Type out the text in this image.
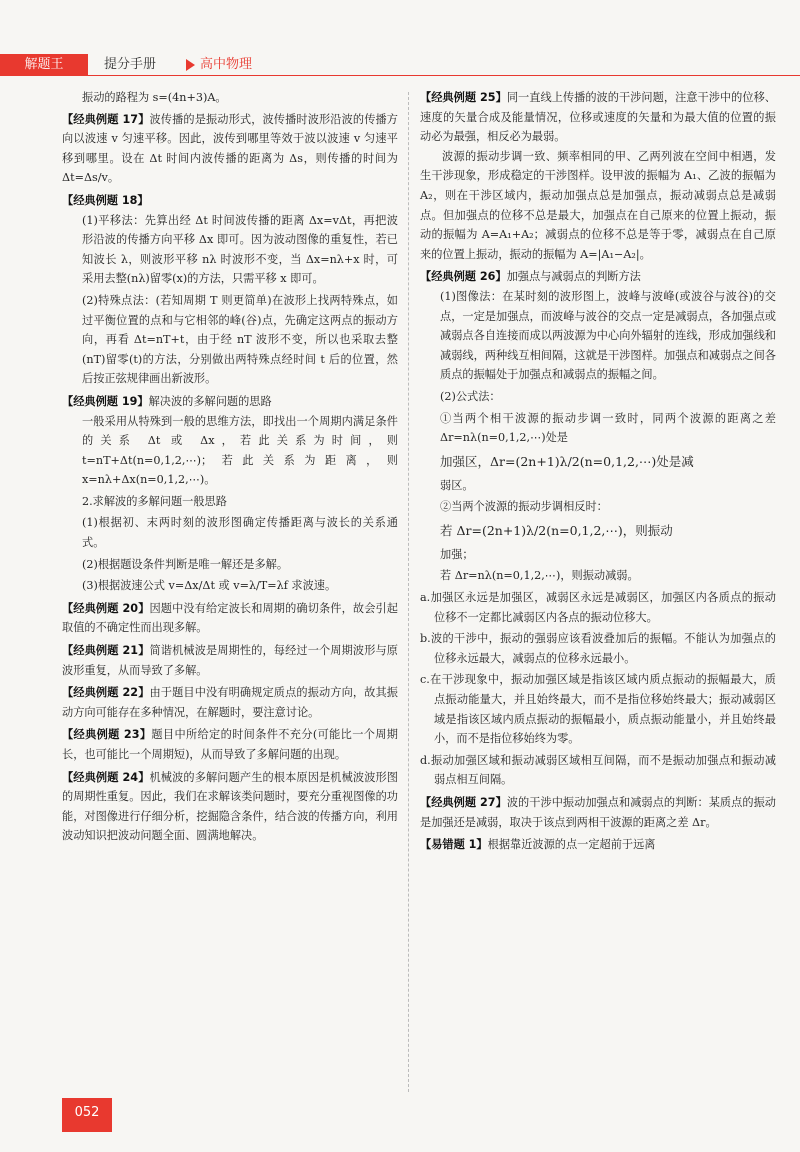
解题王	提分手册	高中物理
振动的路程为 s=(4n+3)A。
【经典例题 17】波传播的是振动形式，波传播时波形沿波的传播方向以波速 v 匀速平移。因此，波传到哪里等效于波以波速 v 匀速平移到哪里。设在 Δt 时间内波传播的距离为 Δs，则传播的时间为 Δt=Δs/v。
【经典例题 18】
(1)平移法：先算出经 Δt 时间波传播的距离 Δx=vΔt，再把波形沿波的传播方向平移 Δx 即可。因为波动图像的重复性，若已知波长 λ，则波形平移 nλ 时波形不变，当 Δx=nλ+x 时，可采用去整(nλ)留零(x)的方法，只需平移 x 即可。
(2)特殊点法：(若知周期 T 则更简单)在波形上找两特殊点，如过平衡位置的点和与它相邻的峰(谷)点，先确定这两点的振动方向，再看 Δt=nT+t，由于经 nT 波形不变，所以也采取去整(nT)留零(t)的方法，分别做出两特殊点经时间 t 后的位置，然后按正弦规律画出新波形。
【经典例题 19】解决波的多解问题的思路
一般采用从特殊到一般的思维方法，即找出一个周期内满足条件的关系 Δt 或 Δx，若此关系为时间，则 t=nT+Δt(n=0,1,2,⋯)；若此关系为距离，则 x=nλ+Δx(n=0,1,2,⋯)。
2.求解波的多解问题一般思路
(1)根据初、末两时刻的波形图确定传播距离与波长的关系通式。
(2)根据题设条件判断是唯一解还是多解。
(3)根据波速公式 v=Δx/Δt 或 v=λ/T=λf 求波速。
【经典例题 20】因题中没有给定波长和周期的确切条件，故会引起取值的不确定性而出现多解。
【经典例题 21】简谐机械波是周期性的，每经过一个周期波形与原波形重复，从而导致了多解。
【经典例题 22】由于题目中没有明确规定质点的振动方向，故其振动方向可能存在多种情况，在解题时，要注意讨论。
【经典例题 23】题目中所给定的时间条件不充分(可能比一个周期长，也可能比一个周期短)，从而导致了多解问题的出现。
【经典例题 24】机械波的多解问题产生的根本原因是机械波波形图的周期性重复。因此，我们在求解该类问题时，要充分重视图像的功能，对图像进行仔细分析，挖掘隐含条件，结合波的传播方向，利用波动知识把波动问题全面、圆满地解决。
【经典例题 25】同一直线上传播的波的干涉问题，注意干涉中的位移、速度的矢量合成及能量情况，位移或速度的矢量和为最大值的位置的振动必为最强，相反必为最弱。
波源的振动步调一致、频率相同的甲、乙两列波在空间中相遇，发生干涉现象，形成稳定的干涉图样。设甲波的振幅为 A₁、乙波的振幅为 A₂，则在干涉区域内，振动加强点总是加强点，振动减弱点总是减弱点。但加强点的位移不总是最大，加强点在自己原来的位置上振动，振动的振幅为 A=A₁+A₂；减弱点的位移不总是等于零，减弱点在自己原来的位置上振动，振动的振幅为 A=|A₁−A₂|。
【经典例题 26】加强点与减弱点的判断方法
(1)图像法：在某时刻的波形图上，波峰与波峰(或波谷与波谷)的交点，一定是加强点，而波峰与波谷的交点一定是减弱点，各加强点或减弱点各自连接而成以两波源为中心向外辐射的连线，形成加强线和减弱线，两种线互相间隔，这就是干涉图样。加强点和减弱点之间各质点的振幅处于加强点和减弱点的振幅之间。
(2)公式法：
①当两个相干波源的振动步调一致时，同两个波源的距离之差 Δr=nλ(n=0,1,2,⋯)处是
加强区，Δr=(2n+1)λ/2(n=0,1,2,⋯)处是减
弱区。
②当两个波源的振动步调相反时：
若 Δr=(2n+1)λ/2(n=0,1,2,⋯)，则振动
加强；
若 Δr=nλ(n=0,1,2,⋯)，则振动减弱。
a.加强区永远是加强区，减弱区永远是减弱区，加强区内各质点的振动位移不一定都比减弱区内各点的振动位移大。
b.波的干涉中，振动的强弱应该看波叠加后的振幅。不能认为加强点的位移永远最大，减弱点的位移永远最小。
c.在干涉现象中，振动加强区域是指该区域内质点振动的振幅最大，质点振动能量大，并且始终最大，而不是指位移始终最大；振动减弱区域是指该区域内质点振动的振幅最小，质点振动能量小，并且始终最小，而不是指位移始终为零。
d.振动加强区域和振动减弱区域相互间隔，而不是振动加强点和振动减弱点相互间隔。
【经典例题 27】波的干涉中振动加强点和减弱点的判断：某质点的振动是加强还是减弱，取决于该点到两相干波源的距离之差 Δr。
【易错题 1】根据靠近波源的点一定超前于远离
052
